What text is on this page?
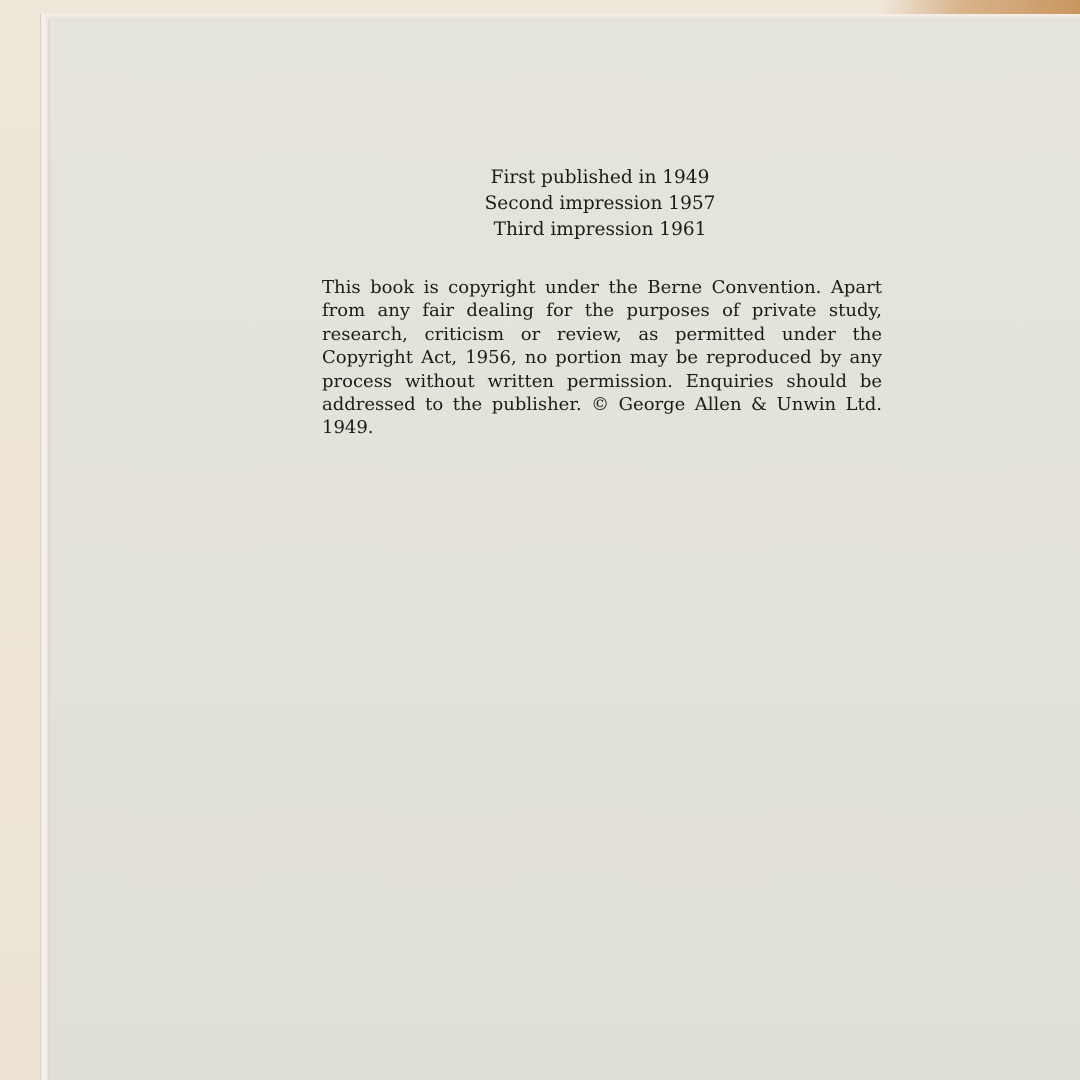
First published in 1949
Second impression 1957
Third impression 1961
This book is copyright under the Berne Convention. Apart from any fair dealing for the purposes of private study, research, criticism or review, as permitted under the Copyright Act, 1956, no portion may be reproduced by any process without written permission. Enquiries should be addressed to the publisher. © George Allen & Unwin Ltd. 1949.
